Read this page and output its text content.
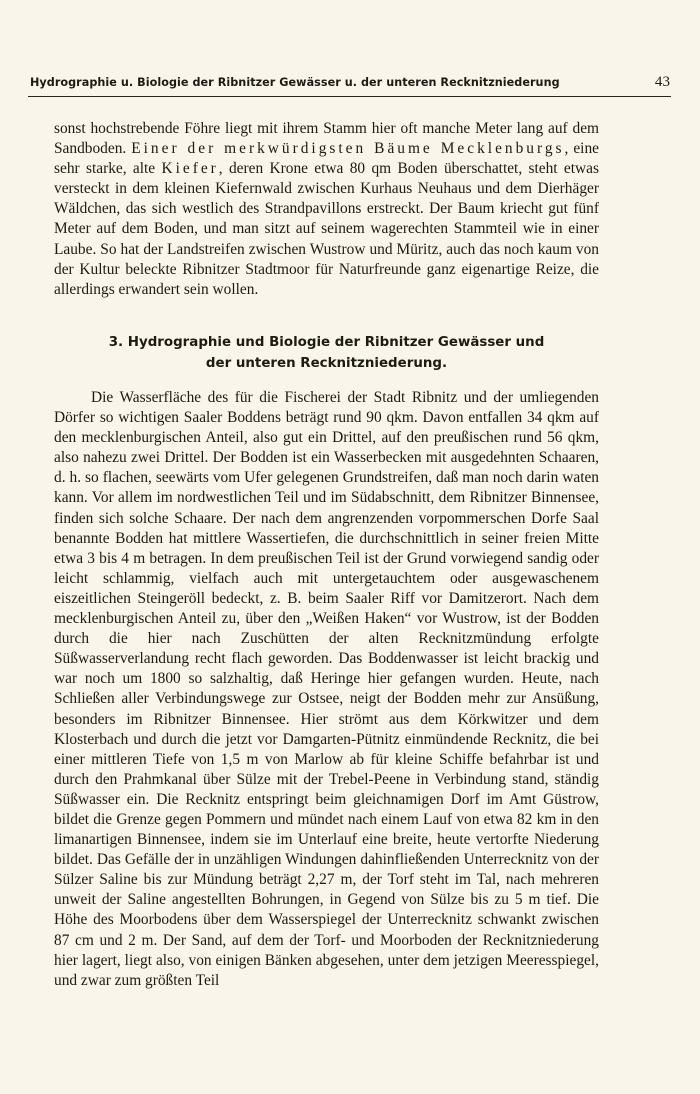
Hydrographie u. Biologie der Ribnitzer Gewässer u. der unteren Recknitzniederung	43

sonst hochstrebende Föhre liegt mit ihrem Stamm hier oft manche Meter lang auf dem Sandboden. Einer der merkwürdigsten Bäume Mecklenburgs, eine sehr starke, alte Kiefer, deren Krone etwa 80 qm Boden überschattet, steht etwas versteckt in dem kleinen Kiefernwald zwischen Kurhaus Neuhaus und dem Dierhäger Wäldchen, das sich westlich des Strandpavillons erstreckt. Der Baum kriecht gut fünf Meter auf dem Boden, und man sitzt auf seinem wagerechten Stammteil wie in einer Laube. So hat der Landstreifen zwischen Wustrow und Müritz, auch das noch kaum von der Kultur beleckte Ribnitzer Stadtmoor für Naturfreunde ganz eigenartige Reize, die allerdings erwandert sein wollen.

3. Hydrographie und Biologie der Ribnitzer Gewässer und
der unteren Recknitzniederung.

Die Wasserfläche des für die Fischerei der Stadt Ribnitz und der umliegenden Dörfer so wichtigen Saaler Boddens beträgt rund 90 qkm. Davon entfallen 34 qkm auf den mecklenburgischen Anteil, also gut ein Drittel, auf den preußischen rund 56 qkm, also nahezu zwei Drittel. Der Bodden ist ein Wasserbecken mit ausgedehnten Schaaren, d. h. so flachen, seewärts vom Ufer gelegenen Grundstreifen, daß man noch darin waten kann. Vor allem im nordwestlichen Teil und im Südabschnitt, dem Ribnitzer Binnensee, finden sich solche Schaare. Der nach dem angrenzenden vorpommerschen Dorfe Saal benannte Bodden hat mittlere Wassertiefen, die durchschnittlich in seiner freien Mitte etwa 3 bis 4 m betragen. In dem preußischen Teil ist der Grund vorwiegend sandig oder leicht schlammig, vielfach auch mit untergetauchtem oder ausgewaschenem eiszeitlichen Steingeröll bedeckt, z. B. beim Saaler Riff vor Damitzerort. Nach dem mecklenburgischen Anteil zu, über den „Weißen Haken“ vor Wustrow, ist der Bodden durch die hier nach Zuschütten der alten Recknitzmündung erfolgte Süßwasserverlandung recht flach geworden. Das Boddenwasser ist leicht brackig und war noch um 1800 so salzhaltig, daß Heringe hier gefangen wurden. Heute, nach Schließen aller Verbindungswege zur Ostsee, neigt der Bodden mehr zur Ansüßung, besonders im Ribnitzer Binnensee. Hier strömt aus dem Körkwitzer und dem Klosterbach und durch die jetzt vor Damgarten-Pütnitz einmündende Recknitz, die bei einer mittleren Tiefe von 1,5 m von Marlow ab für kleine Schiffe befahrbar ist und durch den Prahmkanal über Sülze mit der Trebel-Peene in Verbindung stand, ständig Süßwasser ein. Die Recknitz entspringt beim gleichnamigen Dorf im Amt Güstrow, bildet die Grenze gegen Pommern und mündet nach einem Lauf von etwa 82 km in den limanartigen Binnensee, indem sie im Unterlauf eine breite, heute vertorfte Niederung bildet. Das Gefälle der in unzähligen Windungen dahinfließenden Unterrecknitz von der Sülzer Saline bis zur Mündung beträgt 2,27 m, der Torf steht im Tal, nach mehreren unweit der Saline angestellten Bohrungen, in Gegend von Sülze bis zu 5 m tief. Die Höhe des Moorbodens über dem Wasserspiegel der Unterrecknitz schwankt zwischen 87 cm und 2 m. Der Sand, auf dem der Torf- und Moorboden der Recknitzniederung hier lagert, liegt also, von einigen Bänken abgesehen, unter dem jetzigen Meeresspiegel, und zwar zum größten Teil
